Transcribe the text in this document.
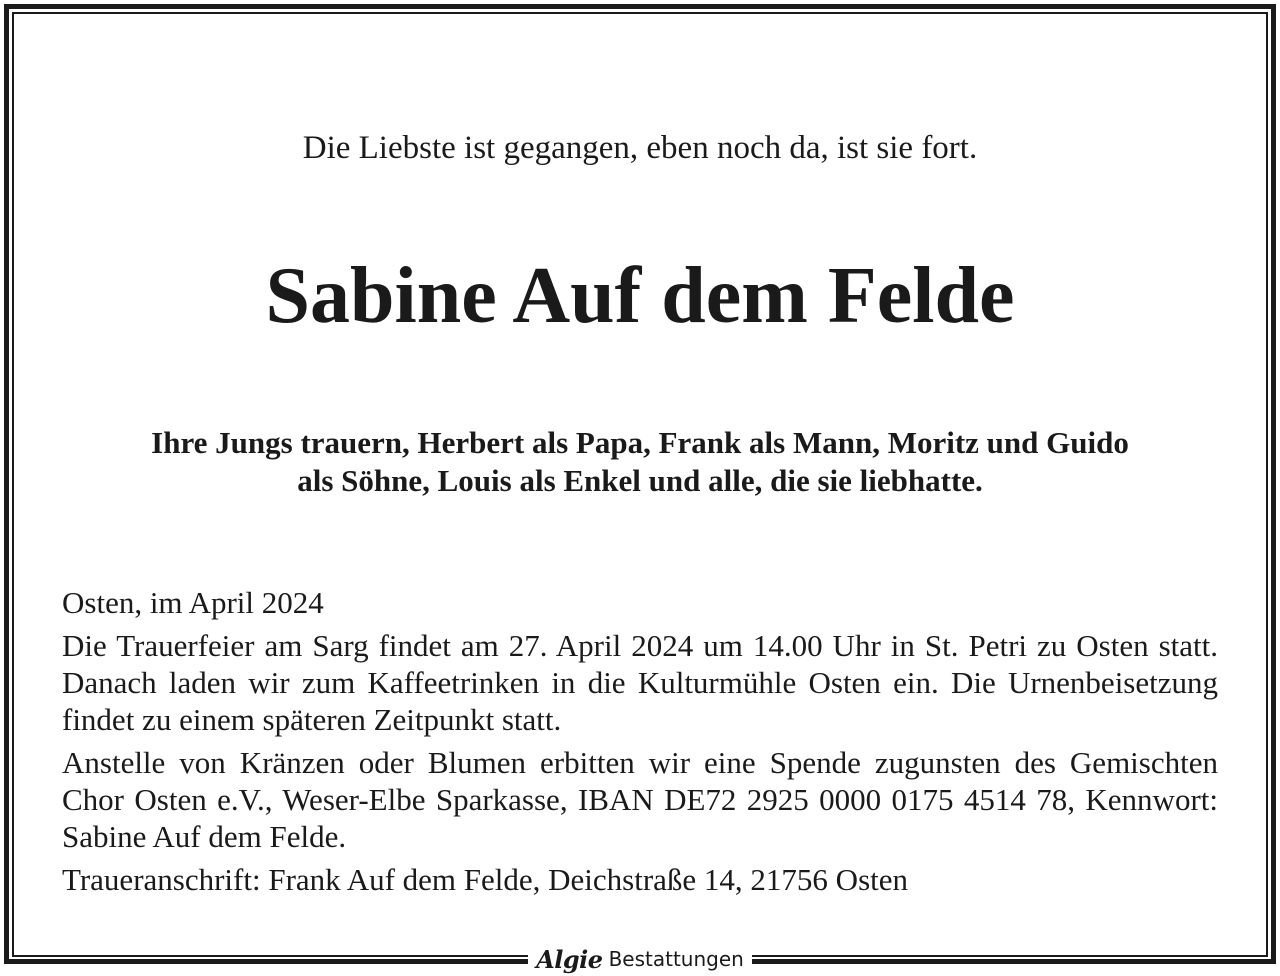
Die Liebste ist gegangen, eben noch da, ist sie fort.
Sabine Auf dem Felde
Ihre Jungs trauern, Herbert als Papa, Frank als Mann, Moritz und Guido
als Söhne, Louis als Enkel und alle, die sie liebhatte.

Osten, im April 2024

Die Trauerfeier am Sarg findet am 27. April 2024 um 14.00 Uhr in St. Petri zu Osten statt. Danach laden wir zum Kaffeetrinken in die Kulturmühle Osten ein. Die Urnenbeisetzung findet zu einem späteren Zeitpunkt statt.

Anstelle von Kränzen oder Blumen erbitten wir eine Spende zugunsten des Gemischten Chor Osten e.V., Weser-Elbe Sparkasse, IBAN DE72 2925 0000 0175 4514 78, Kennwort: Sabine Auf dem Felde.

Traueranschrift: Frank Auf dem Felde, Deichstraße 14, 21756 Osten

Algie Bestattungen
